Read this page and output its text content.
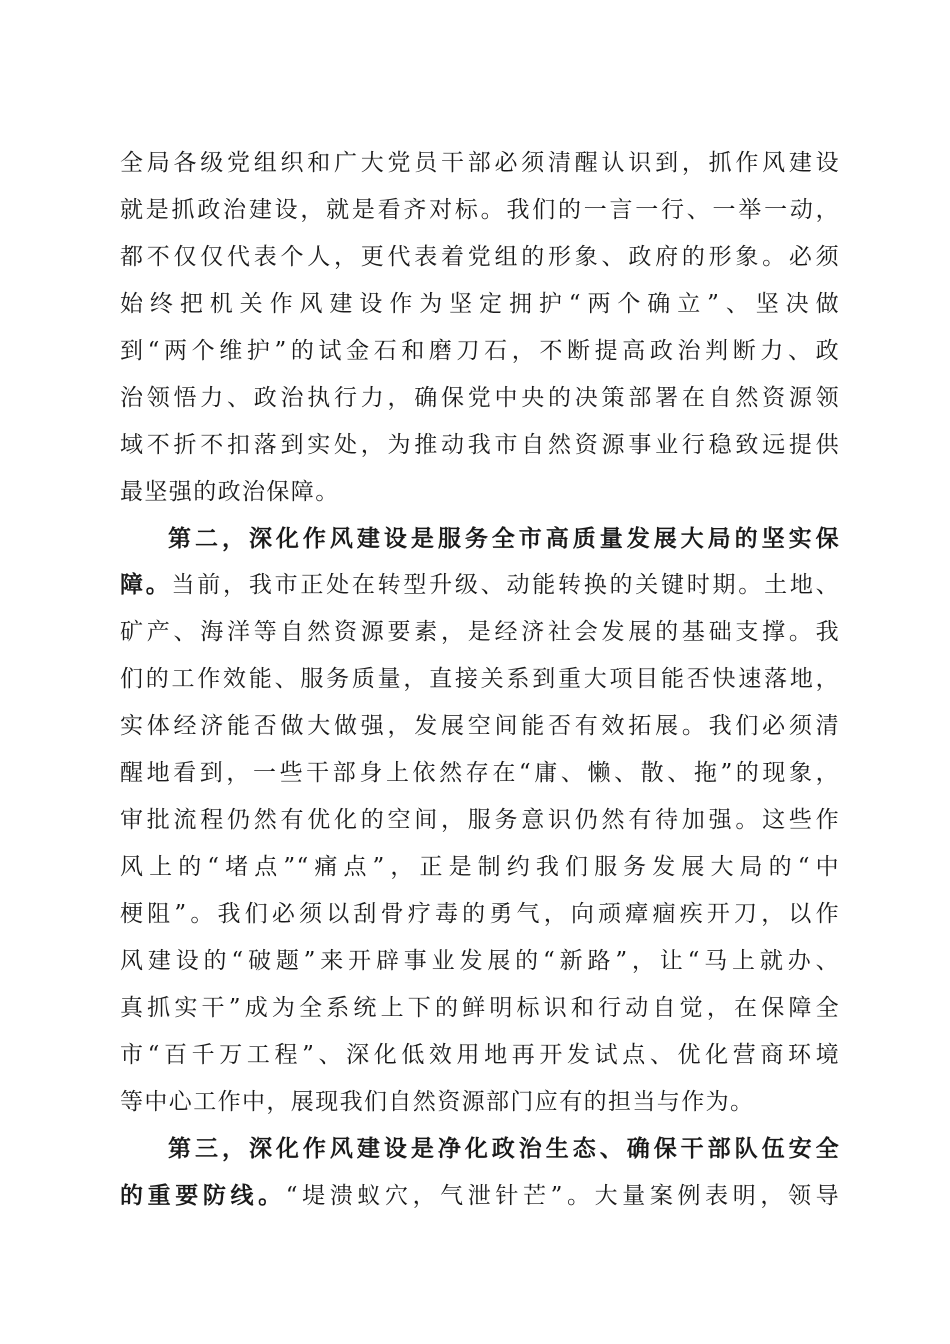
全局各级党组织和广大党员干部必须清醒认识到，抓作风建设
就是抓政治建设，就是看齐对标。我们的一言一行、一举一动，
都不仅仅代表个人，更代表着党组的形象、政府的形象。必须
始终把机关作风建设作为坚定拥护“两个确立”、坚决做
到“两个维护”的试金石和磨刀石，不断提高政治判断力、政
治领悟力、政治执行力，确保党中央的决策部署在自然资源领
域不折不扣落到实处，为推动我市自然资源事业行稳致远提供
最坚强的政治保障。
第二，深化作风建设是服务全市高质量发展大局的坚实保
障。当前，我市正处在转型升级、动能转换的关键时期。土地、
矿产、海洋等自然资源要素，是经济社会发展的基础支撑。我
们的工作效能、服务质量，直接关系到重大项目能否快速落地，
实体经济能否做大做强，发展空间能否有效拓展。我们必须清
醒地看到，一些干部身上依然存在“庸、懒、散、拖”的现象，
审批流程仍然有优化的空间，服务意识仍然有待加强。这些作
风上的“堵点”“痛点”，正是制约我们服务发展大局的“中
梗阻”。我们必须以刮骨疗毒的勇气，向顽瘴痼疾开刀，以作
风建设的“破题”来开辟事业发展的“新路”，让“马上就办、
真抓实干”成为全系统上下的鲜明标识和行动自觉，在保障全
市“百千万工程”、深化低效用地再开发试点、优化营商环境
等中心工作中，展现我们自然资源部门应有的担当与作为。
第三，深化作风建设是净化政治生态、确保干部队伍安全
的重要防线。“堤溃蚁穴，气泄针芒”。大量案例表明，领导
